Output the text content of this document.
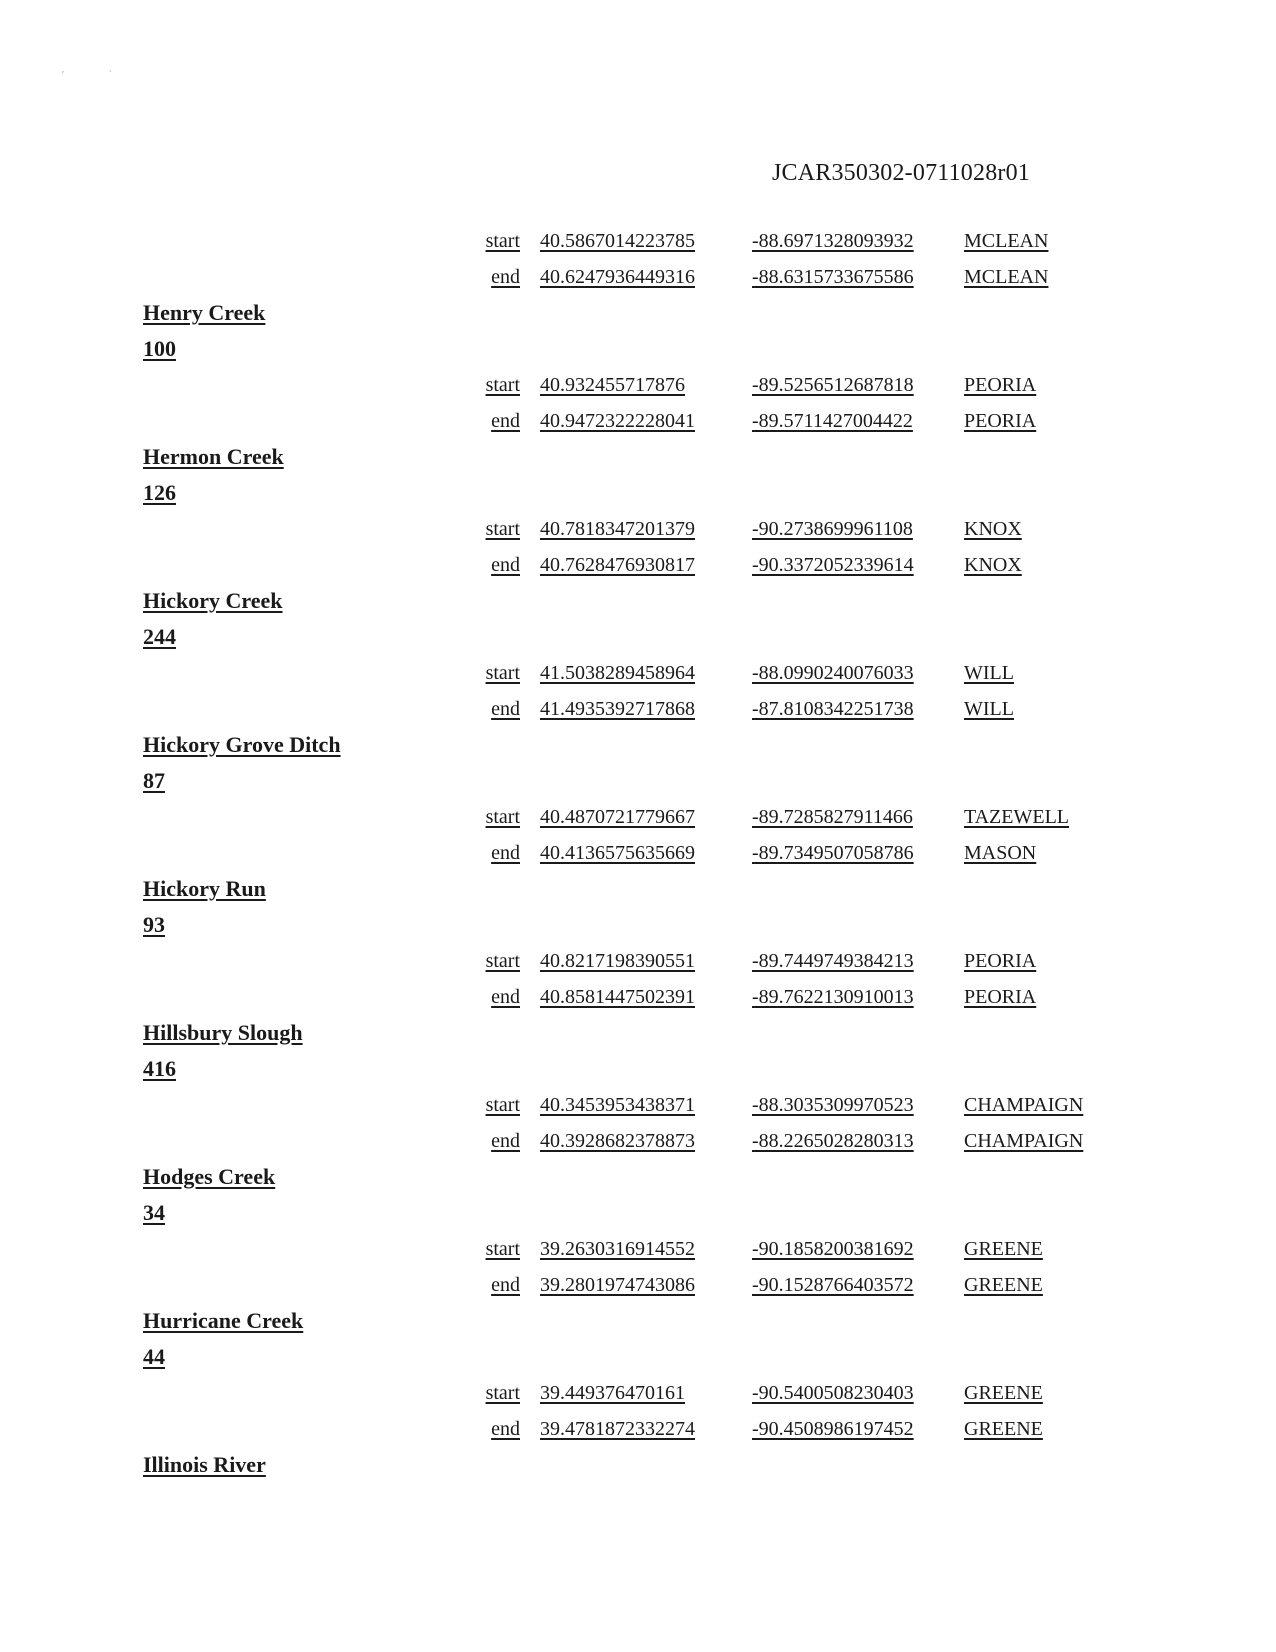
'                  `
JCAR350302-0711028r01
start 40.5867014223785	-88.6971328093932	MCLEAN
end 40.6247936449316	-88.6315733675586	MCLEAN
Henry Creek
100
start 40.932455717876	-89.5256512687818	PEORIA
end 40.9472322228041	-89.5711427004422	PEORIA
Hermon Creek
126
start 40.7818347201379	-90.2738699961108	KNOX
end 40.7628476930817	-90.3372052339614	KNOX
Hickory Creek
244
start 41.5038289458964	-88.0990240076033	WILL
end 41.4935392717868	-87.8108342251738	WILL
Hickory Grove Ditch
87
start 40.4870721779667	-89.7285827911466	TAZEWELL
end 40.4136575635669	-89.7349507058786	MASON
Hickory Run
93
start 40.8217198390551	-89.7449749384213	PEORIA
end 40.8581447502391	-89.7622130910013	PEORIA
Hillsbury Slough
416
start 40.3453953438371	-88.3035309970523	CHAMPAIGN
end 40.3928682378873	-88.2265028280313	CHAMPAIGN
Hodges Creek
34
start 39.2630316914552	-90.1858200381692	GREENE
end 39.2801974743086	-90.1528766403572	GREENE
Hurricane Creek
44
start 39.449376470161	-90.5400508230403	GREENE
end 39.4781872332274	-90.4508986197452	GREENE
Illinois River
